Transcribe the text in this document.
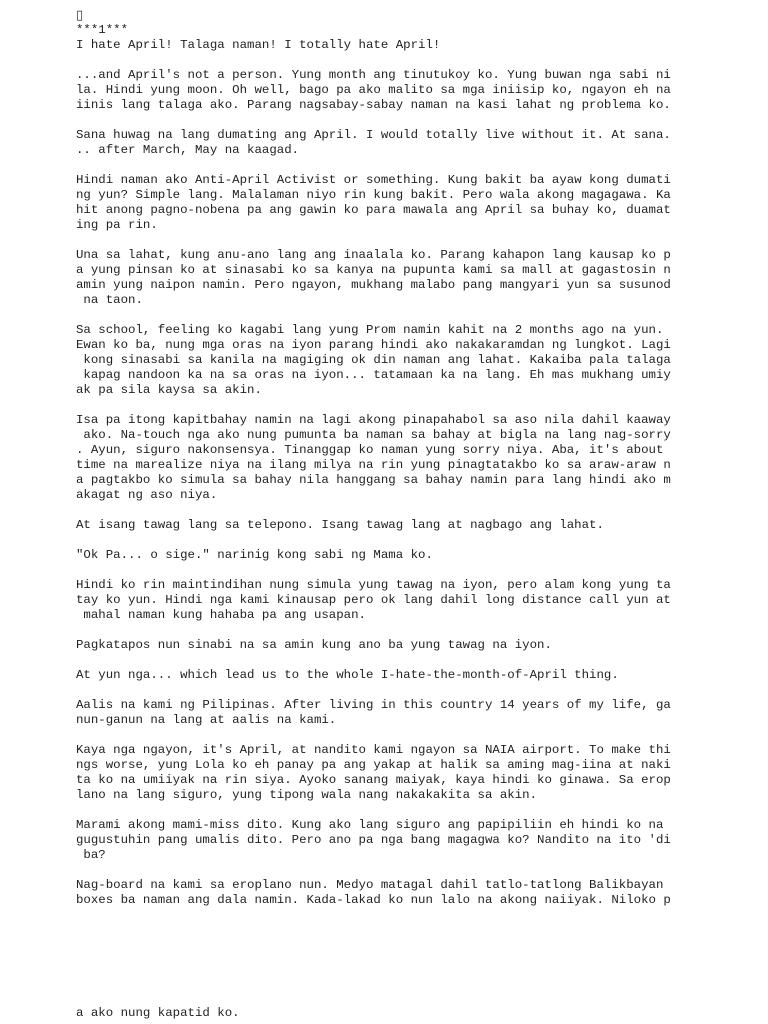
▯
***1***
I hate April! Talaga naman! I totally hate April!
...and April's not a person. Yung month ang tinutukoy ko. Yung buwan nga sabi ni
la. Hindi yung moon. Oh well, bago pa ako malito sa mga iniisip ko, ngayon eh na
iinis lang talaga ako. Parang nagsabay-sabay naman na kasi lahat ng problema ko.
Sana huwag na lang dumating ang April. I would totally live without it. At sana.
.. after March, May na kaagad.
Hindi naman ako Anti-April Activist or something. Kung bakit ba ayaw kong dumati
ng yun? Simple lang. Malalaman niyo rin kung bakit. Pero wala akong magagawa. Ka
hit anong pagno-nobena pa ang gawin ko para mawala ang April sa buhay ko, duamat
ing pa rin.
Una sa lahat, kung anu-ano lang ang inaalala ko. Parang kahapon lang kausap ko p
a yung pinsan ko at sinasabi ko sa kanya na pupunta kami sa mall at gagastosin n
amin yung naipon namin. Pero ngayon, mukhang malabo pang mangyari yun sa susunod
na taon.
Sa school, feeling ko kagabi lang yung Prom namin kahit na 2 months ago na yun.
Ewan ko ba, nung mga oras na iyon parang hindi ako nakakaramdan ng lungkot. Lagi
kong sinasabi sa kanila na magiging ok din naman ang lahat. Kakaiba pala talaga
kapag nandoon ka na sa oras na iyon... tatamaan ka na lang. Eh mas mukhang umiy
ak pa sila kaysa sa akin.
Isa pa itong kapitbahay namin na lagi akong pinapahabol sa aso nila dahil kaaway
ako. Na-touch nga ako nung pumunta ba naman sa bahay at bigla na lang nag-sorry
. Ayun, siguro nakonsensya. Tinanggap ko naman yung sorry niya. Aba, it's about
time na marealize niya na ilang milya na rin yung pinagtatakbo ko sa araw-araw n
a pagtakbo ko simula sa bahay nila hanggang sa bahay namin para lang hindi ako m
akagat ng aso niya.
At isang tawag lang sa telepono. Isang tawag lang at nagbago ang lahat.
"Ok Pa... o sige." narinig kong sabi ng Mama ko.
Hindi ko rin maintindihan nung simula yung tawag na iyon, pero alam kong yung ta
tay ko yun. Hindi nga kami kinausap pero ok lang dahil long distance call yun at
mahal naman kung hahaba pa ang usapan.
Pagkatapos nun sinabi na sa amin kung ano ba yung tawag na iyon.
At yun nga... which lead us to the whole I-hate-the-month-of-April thing.
Aalis na kami ng Pilipinas. After living in this country 14 years of my life, ga
nun-ganun na lang at aalis na kami.
Kaya nga ngayon, it's April, at nandito kami ngayon sa NAIA airport. To make thi
ngs worse, yung Lola ko eh panay pa ang yakap at halik sa aming mag-iina at naki
ta ko na umiiyak na rin siya. Ayoko sanang maiyak, kaya hindi ko ginawa. Sa erop
lano na lang siguro, yung tipong wala nang nakakakita sa akin.
Marami akong mami-miss dito. Kung ako lang siguro ang papipiliin eh hindi ko na
gugustuhin pang umalis dito. Pero ano pa nga bang magagwa ko? Nandito na ito 'di
ba?
Nag-board na kami sa eroplano nun. Medyo matagal dahil tatlo-tatlong Balikbayan
boxes ba naman ang dala namin. Kada-lakad ko nun lalo na akong naiiyak. Niloko p
a ako nung kapatid ko.
